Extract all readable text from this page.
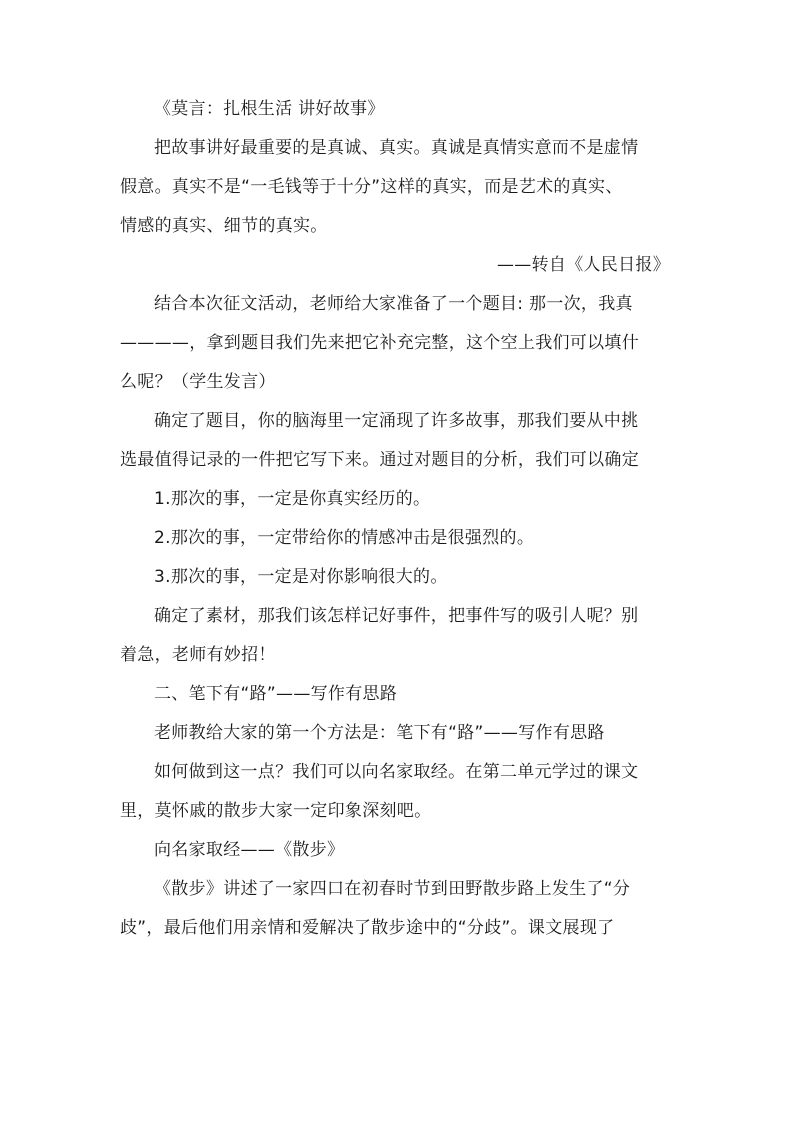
《莫言：扎根生活 讲好故事》

把故事讲好最重要的是真诚、真实。真诚是真情实意而不是虚情

假意。真实不是“一毛钱等于十分”这样的真实，而是艺术的真实、

情感的真实、细节的真实。

——转自《人民日报》

结合本次征文活动，老师给大家准备了一个题目: 那一次，我真

————，拿到题目我们先来把它补充完整，这个空上我们可以填什

么呢？（学生发言）

确定了题目，你的脑海里一定涌现了许多故事，那我们要从中挑

选最值得记录的一件把它写下来。通过对题目的分析，我们可以确定

1.那次的事，一定是你真实经历的。

2.那次的事，一定带给你的情感冲击是很强烈的。

3.那次的事，一定是对你影响很大的。

确定了素材，那我们该怎样记好事件，把事件写的吸引人呢？别

着急，老师有妙招！

二、笔下有“路”——写作有思路

老师教给大家的第一个方法是：笔下有“路”——写作有思路

如何做到这一点？我们可以向名家取经。在第二单元学过的课文

里，莫怀戚的散步大家一定印象深刻吧。

向名家取经——《散步》

《散步》讲述了一家四口在初春时节到田野散步路上发生了“分

歧”，最后他们用亲情和爱解决了散步途中的“分歧”。课文展现了
